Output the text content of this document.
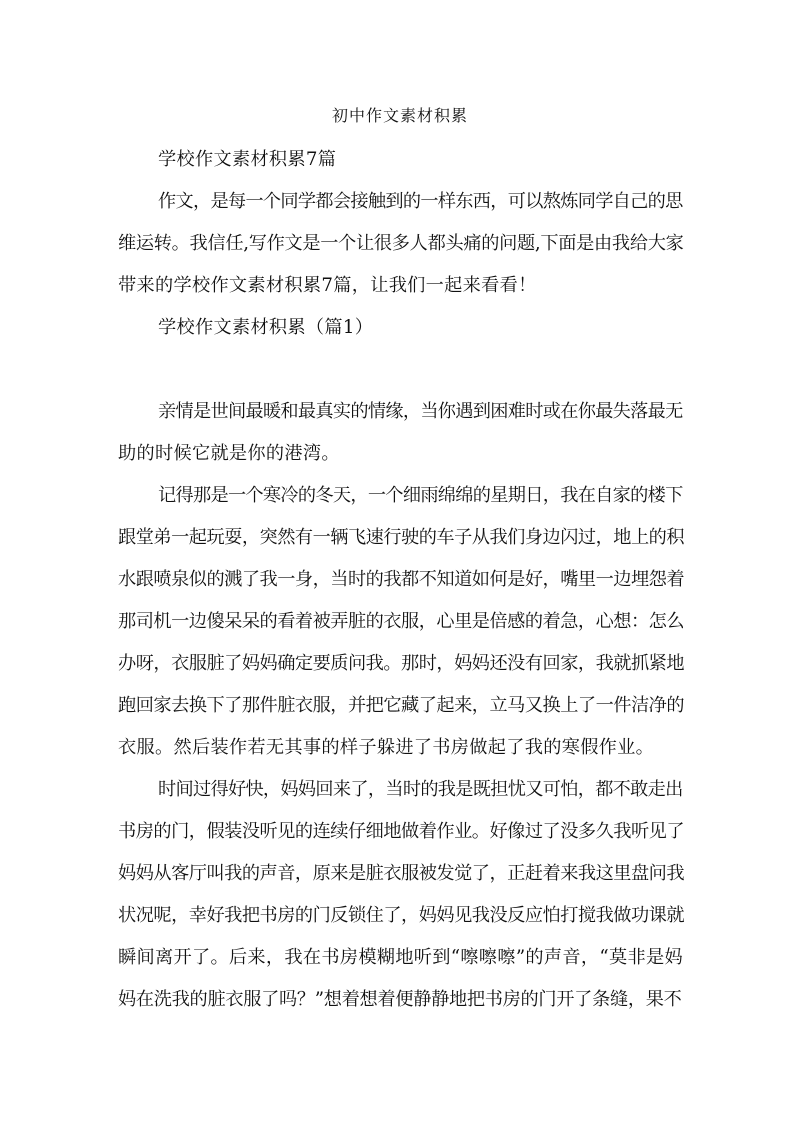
初中作文素材积累
学校作文素材积累7篇
作文，是每一个同学都会接触到的一样东西，可以熬炼同学自己的思
维运转。我信任,写作文是一个让很多人都头痛的问题,下面是由我给大家
带来的学校作文素材积累7篇，让我们一起来看看！
学校作文素材积累（篇1）
亲情是世间最暖和最真实的情缘，当你遇到困难时或在你最失落最无
助的时候它就是你的港湾。
记得那是一个寒冷的冬天，一个细雨绵绵的星期日，我在自家的楼下
跟堂弟一起玩耍，突然有一辆飞速行驶的车子从我们身边闪过，地上的积
水跟喷泉似的溅了我一身，当时的我都不知道如何是好，嘴里一边埋怨着
那司机一边傻呆呆的看着被弄脏的衣服，心里是倍感的着急，心想：怎么
办呀，衣服脏了妈妈确定要质问我。那时，妈妈还没有回家，我就抓紧地
跑回家去换下了那件脏衣服，并把它藏了起来，立马又换上了一件洁净的
衣服。然后装作若无其事的样子躲进了书房做起了我的寒假作业。
时间过得好快，妈妈回来了，当时的我是既担忧又可怕，都不敢走出
书房的门，假装没听见的连续仔细地做着作业。好像过了没多久我听见了
妈妈从客厅叫我的声音，原来是脏衣服被发觉了，正赶着来我这里盘问我
状况呢，幸好我把书房的门反锁住了，妈妈见我没反应怕打搅我做功课就
瞬间离开了。后来，我在书房模糊地听到“嚓嚓嚓”的声音，“莫非是妈
妈在洗我的脏衣服了吗？”想着想着便静静地把书房的门开了条缝，果不
